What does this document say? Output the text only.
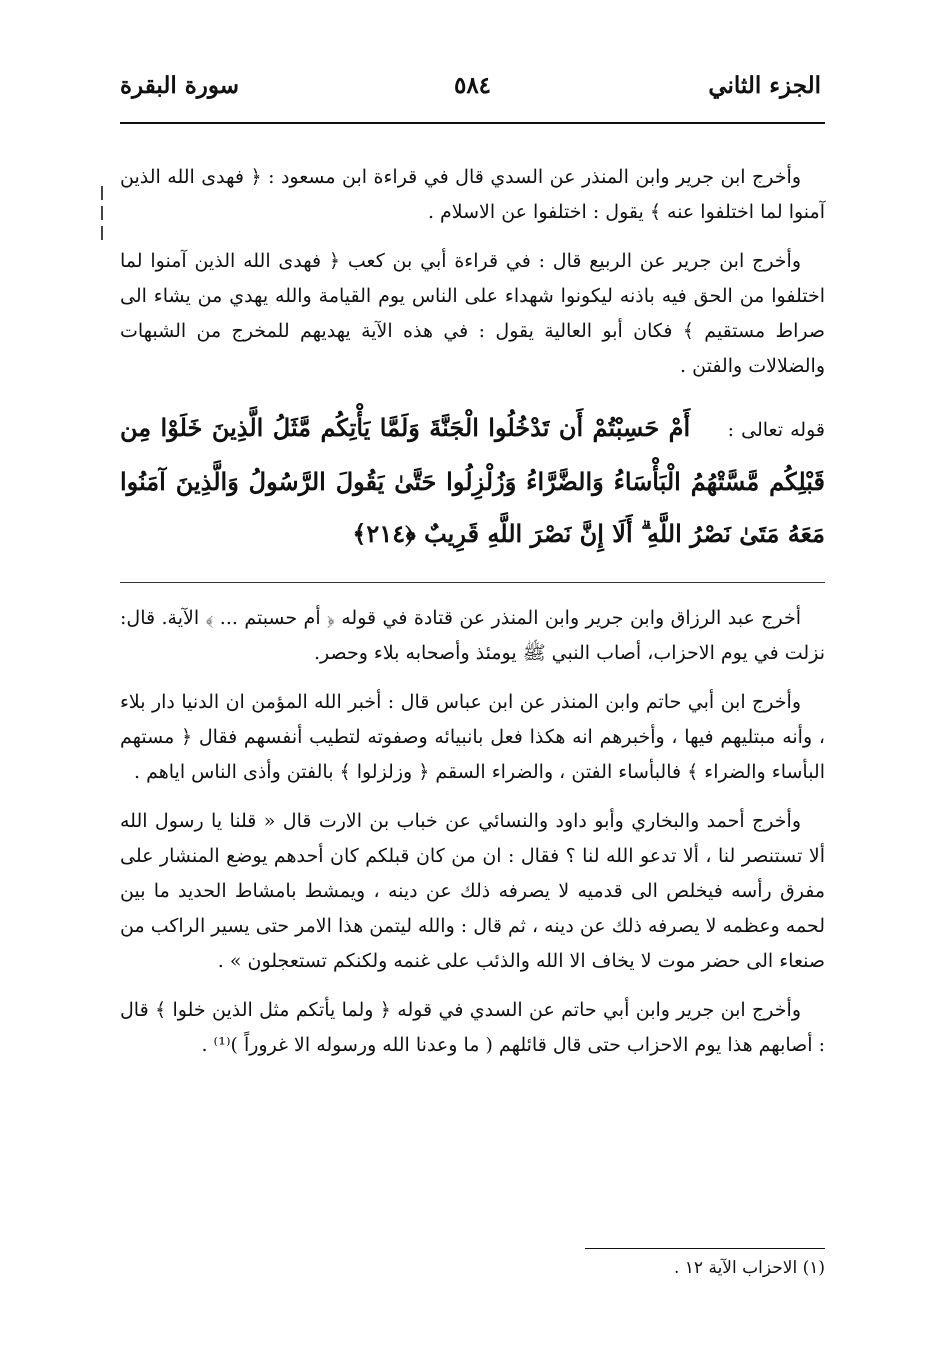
الجزء الثاني
٥٨٤
سورة البقرة

وأخرج ابن جرير وابن المنذر عن السدي قال في قراءة ابن مسعود : ﴿ فهدى الله الذين آمنوا لما اختلفوا عنه ﴾ يقول : اختلفوا عن الاسلام .

وأخرج ابن جرير عن الربيع قال : في قراءة أبي بن كعب ﴿ فهدى الله الذين آمنوا لما اختلفوا من الحق فيه باذنه ليكونوا شهداء على الناس يوم القيامة والله يهدي من يشاء الى صراط مستقيم ﴾ فكان أبو العالية يقول : في هذه الآية يهديهم للمخرج من الشبهات والضلالات والفتن .

قوله تعالى : أَمْ حَسِبْتُمْ أَن تَدْخُلُوا الْجَنَّةَ وَلَمَّا يَأْتِكُم مَّثَلُ الَّذِينَ خَلَوْا مِن قَبْلِكُم مَّسَّتْهُمُ الْبَأْسَاءُ وَالضَّرَّاءُ وَزُلْزِلُوا حَتَّىٰ يَقُولَ الرَّسُولُ وَالَّذِينَ آمَنُوا مَعَهُ مَتَىٰ نَصْرُ اللَّهِ ۗ أَلَا إِنَّ نَصْرَ اللَّهِ قَرِيبٌ ﴿٢١٤﴾

أخرج عبد الرزاق وابن جرير وابن المنذر عن قتادة في قوله ﴿ أم حسبتم ... ﴾ الآية. قال: نزلت في يوم الاحزاب، أصاب النبي ﷺ يومئذ وأصحابه بلاء وحصر.

وأخرج ابن أبي حاتم وابن المنذر عن ابن عباس قال : أخبر الله المؤمن ان الدنيا دار بلاء ، وأنه مبتليهم فيها ، وأخبرهم انه هكذا فعل بانبيائه وصفوته لتطيب أنفسهم فقال ﴿ مستهم البأساء والضراء ﴾ فالبأساء الفتن ، والضراء السقم ﴿ وزلزلوا ﴾ بالفتن وأذى الناس اياهم .

وأخرج أحمد والبخاري وأبو داود والنسائي عن خباب بن الارت قال « قلنا يا رسول الله ألا تستنصر لنا ، ألا تدعو الله لنا ؟ فقال : ان من كان قبلكم كان أحدهم يوضع المنشار على مفرق رأسه فيخلص الى قدميه لا يصرفه ذلك عن دينه ، ويمشط بامشاط الحديد ما بين لحمه وعظمه لا يصرفه ذلك عن دينه ، ثم قال : والله ليتمن هذا الامر حتى يسير الراكب من صنعاء الى حضر موت لا يخاف الا الله والذئب على غنمه ولكنكم تستعجلون » .

وأخرج ابن جرير وابن أبي حاتم عن السدي في قوله ﴿ ولما يأتكم مثل الذين خلوا ﴾ قال : أصابهم هذا يوم الاحزاب حتى قال قائلهم ( ما وعدنا الله ورسوله الا غروراً )⁽¹⁾ .

(١) الاحزاب الآية ١٢ .
